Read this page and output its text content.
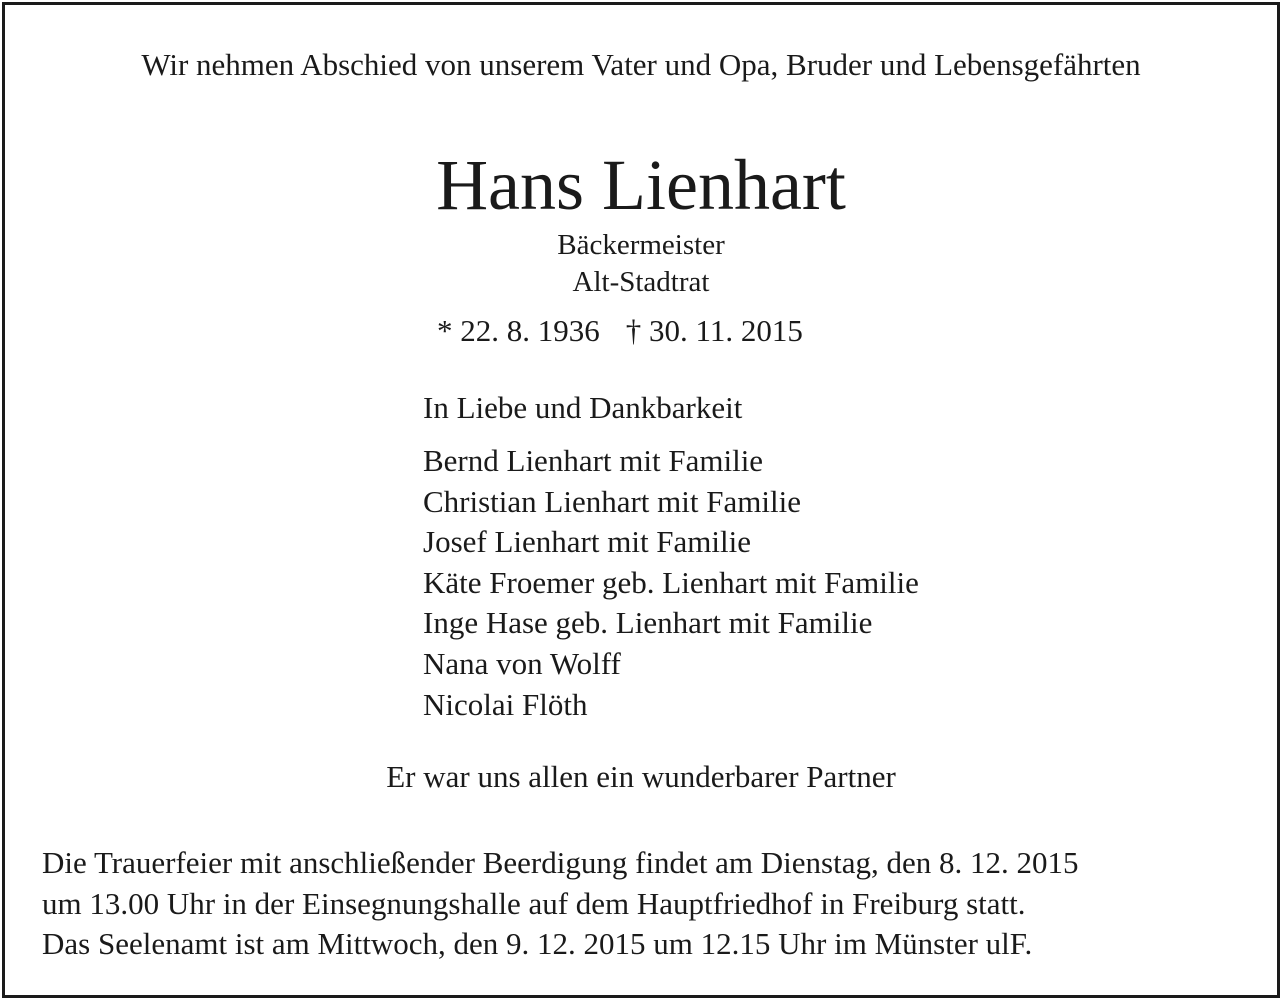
Wir nehmen Abschied von unserem Vater und Opa, Bruder und Lebensgefährten
Hans Lienhart
Bäckermeister
Alt-Stadtrat
* 22. 8. 1936 † 30. 11. 2015
In Liebe und Dankbarkeit
Bernd Lienhart mit Familie
Christian Lienhart mit Familie
Josef Lienhart mit Familie
Käte Froemer geb. Lienhart mit Familie
Inge Hase geb. Lienhart mit Familie
Nana von Wolff
Nicolai Flöth
Er war uns allen ein wunderbarer Partner
Die Trauerfeier mit anschließender Beerdigung findet am Dienstag, den 8. 12. 2015
um 13.00 Uhr in der Einsegnungshalle auf dem Hauptfriedhof in Freiburg statt.
Das Seelenamt ist am Mittwoch, den 9. 12. 2015 um 12.15 Uhr im Münster ulF.
